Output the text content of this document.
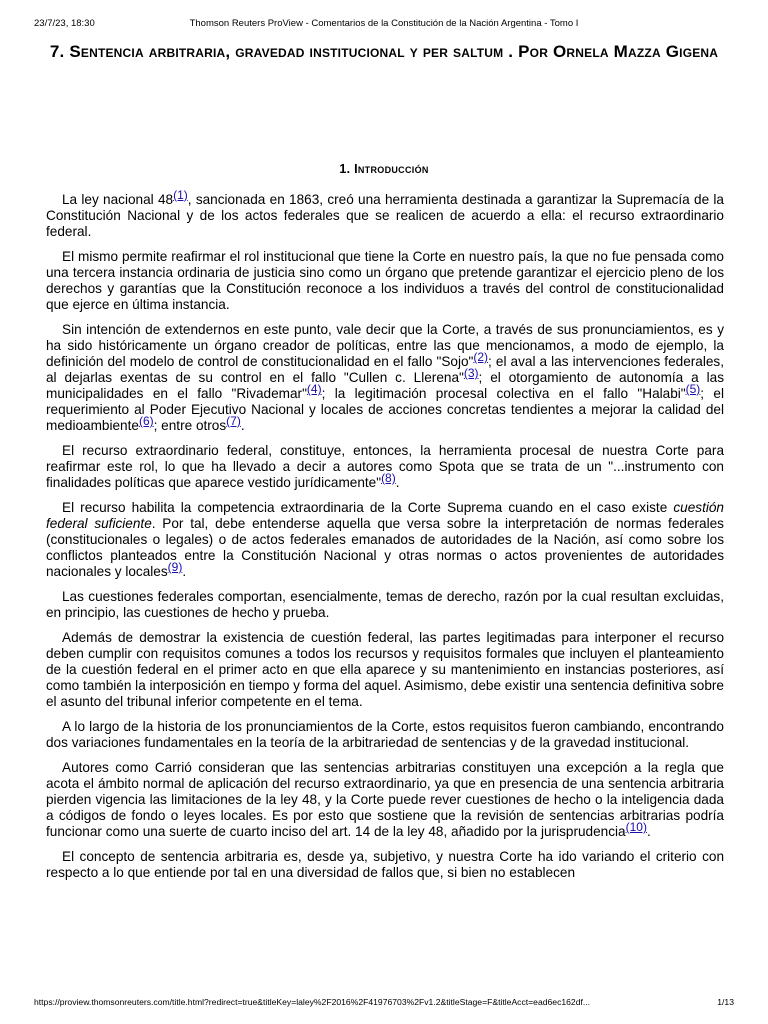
23/7/23, 18:30	Thomson Reuters ProView - Comentarios de la Constitución de la Nación Argentina - Tomo I
7. Sentencia arbitraria, gravedad institucional y per saltum . Por Ornela Mazza Gigena
1. Introducción

La ley nacional 48(1), sancionada en 1863, creó una herramienta destinada a garantizar la Supremacía de la Constitución Nacional y de los actos federales que se realicen de acuerdo a ella: el recurso extraordinario federal.

El mismo permite reafirmar el rol institucional que tiene la Corte en nuestro país, la que no fue pensada como una tercera instancia ordinaria de justicia sino como un órgano que pretende garantizar el ejercicio pleno de los derechos y garantías que la Constitución reconoce a los individuos a través del control de constitucionalidad que ejerce en última instancia.

Sin intención de extendernos en este punto, vale decir que la Corte, a través de sus pronunciamientos, es y ha sido históricamente un órgano creador de políticas, entre las que mencionamos, a modo de ejemplo, la definición del modelo de control de constitucionalidad en el fallo "Sojo"(2); el aval a las intervenciones federales, al dejarlas exentas de su control en el fallo "Cullen c. Llerena"(3); el otorgamiento de autonomía a las municipalidades en el fallo "Rivademar"(4); la legitimación procesal colectiva en el fallo "Halabi"(5); el requerimiento al Poder Ejecutivo Nacional y locales de acciones concretas tendientes a mejorar la calidad del medioambiente(6); entre otros(7).

El recurso extraordinario federal, constituye, entonces, la herramienta procesal de nuestra Corte para reafirmar este rol, lo que ha llevado a decir a autores como Spota que se trata de un "...instrumento con finalidades políticas que aparece vestido jurídicamente"(8).

El recurso habilita la competencia extraordinaria de la Corte Suprema cuando en el caso existe cuestión federal suficiente. Por tal, debe entenderse aquella que versa sobre la interpretación de normas federales (constitucionales o legales) o de actos federales emanados de autoridades de la Nación, así como sobre los conflictos planteados entre la Constitución Nacional y otras normas o actos provenientes de autoridades nacionales y locales(9).

Las cuestiones federales comportan, esencialmente, temas de derecho, razón por la cual resultan excluidas, en principio, las cuestiones de hecho y prueba.

Además de demostrar la existencia de cuestión federal, las partes legitimadas para interponer el recurso deben cumplir con requisitos comunes a todos los recursos y requisitos formales que incluyen el planteamiento de la cuestión federal en el primer acto en que ella aparece y su mantenimiento en instancias posteriores, así como también la interposición en tiempo y forma del aquel. Asimismo, debe existir una sentencia definitiva sobre el asunto del tribunal inferior competente en el tema.

A lo largo de la historia de los pronunciamientos de la Corte, estos requisitos fueron cambiando, encontrando dos variaciones fundamentales en la teoría de la arbitrariedad de sentencias y de la gravedad institucional.

Autores como Carrió consideran que las sentencias arbitrarias constituyen una excepción a la regla que acota el ámbito normal de aplicación del recurso extraordinario, ya que en presencia de una sentencia arbitraria pierden vigencia las limitaciones de la ley 48, y la Corte puede rever cuestiones de hecho o la inteligencia dada a códigos de fondo o leyes locales. Es por esto que sostiene que la revisión de sentencias arbitrarias podría funcionar como una suerte de cuarto inciso del art. 14 de la ley 48, añadido por la jurisprudencia(10).

El concepto de sentencia arbitraria es, desde ya, subjetivo, y nuestra Corte ha ido variando el criterio con respecto a lo que entiende por tal en una diversidad de fallos que, si bien no establecen

https://proview.thomsonreuters.com/title.html?redirect=true&titleKey=laley%2F2016%2F41976703%2Fv1.2&titleStage=F&titleAcct=ead6ec162df...	1/13
